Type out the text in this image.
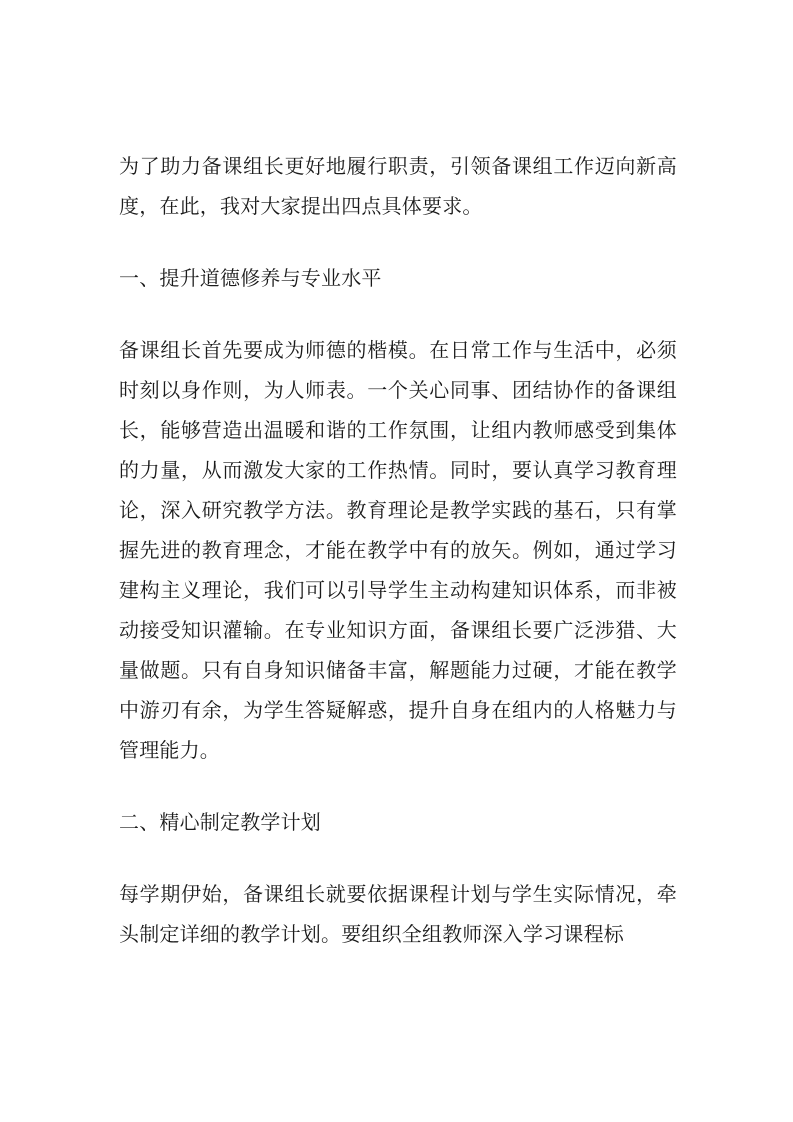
为了助力备课组长更好地履行职责，引领备课组工作迈向新高度，在此，我对大家提出四点具体要求。

一、提升道德修养与专业水平

备课组长首先要成为师德的楷模。在日常工作与生活中，必须时刻以身作则，为人师表。一个关心同事、团结协作的备课组长，能够营造出温暖和谐的工作氛围，让组内教师感受到集体的力量，从而激发大家的工作热情。同时，要认真学习教育理论，深入研究教学方法。教育理论是教学实践的基石，只有掌握先进的教育理念，才能在教学中有的放矢。例如，通过学习建构主义理论，我们可以引导学生主动构建知识体系，而非被动接受知识灌输。在专业知识方面，备课组长要广泛涉猎、大量做题。只有自身知识储备丰富，解题能力过硬，才能在教学中游刃有余，为学生答疑解惑，提升自身在组内的人格魅力与管理能力。

二、精心制定教学计划

每学期伊始，备课组长就要依据课程计划与学生实际情况，牵头制定详细的教学计划。要组织全组教师深入学习课程标
